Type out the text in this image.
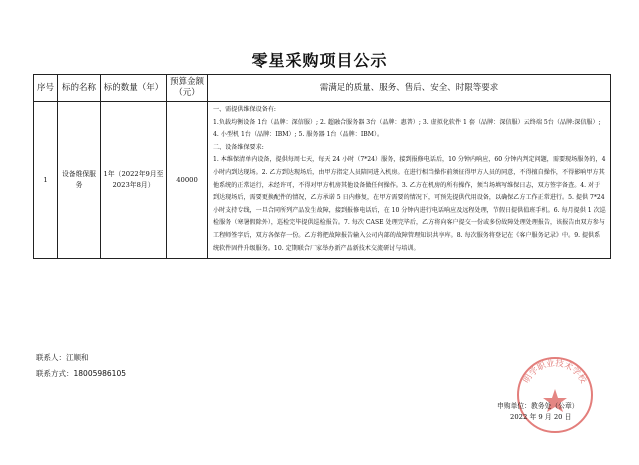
零星采购项目公示
序号	标的名称	标的数量（年）	预算金额（元）	需满足的质量、服务、售后、安全、时限等要求
1	设备维保服务	1年（2022年9月至2023年8月）	40000	一、需提供维保设备有:
1.负载均衡设备 1台（品牌：深信服）; 2. 超融合服务器 3台（品牌：惠普）; 3. 虚拟化软件 1 套（品牌：深信服）云终端 5台（品牌:深信服）; 4. 小型机 1台（品牌：IBM）; 5. 服务器 1台（品牌：IBM）。
二、设备维保要求:
1. 本维保清单内设备，提供每周七天，每天 24 小时（7*24）服务，接到报修电话后，10 分钟内响应，60 分钟内判定问题，需要现场服务的，4 小时内到达现场。2. 乙方到达现场后，由甲方指定人员陪同进入机房。在进行相当操作前须征得甲方人员的同意，不得擅自操作，不得影响甲方其他系统的正常运行，未经许可，不得对甲方机房其他设备做任何操作。3. 乙方在机房的所有操作，须当场填写维保日志，双方签字备查。4. 对于到达现场后，需要更换配件的情况，乙方承诺 5 日内修复，在甲方需要的情况下，可预先提供代用设备，以确保乙方工作正常进行。5. 提供 7*24 小时支持专线，一旦合同所列产品发生故障，接到报修电话后，在 10 分钟内进行电话响应及远程处理，节假日提供值班手机。6. 每月提供 1 次巡检服务（寒暑假除外），巡检完毕提供巡检报告。7. 每次 CASE 处理完毕后，乙方将向客户提交一份或多份故障处理处理报告，该报告由双方参与工程师签字后，双方各保存一份。乙方将把故障报告输入公司内部的故障管理知识共享库。8. 每次服务将登记在《客户服务记录》中。9. 提供系统软件固件升级服务。10. 定期联合厂家举办新产品新技术交流研讨与培训。
联系人：江顺和
联系方式：18005986105	明学职业技术学校
申购单位：教务处（公章）
2022 年 9 月 20 日
